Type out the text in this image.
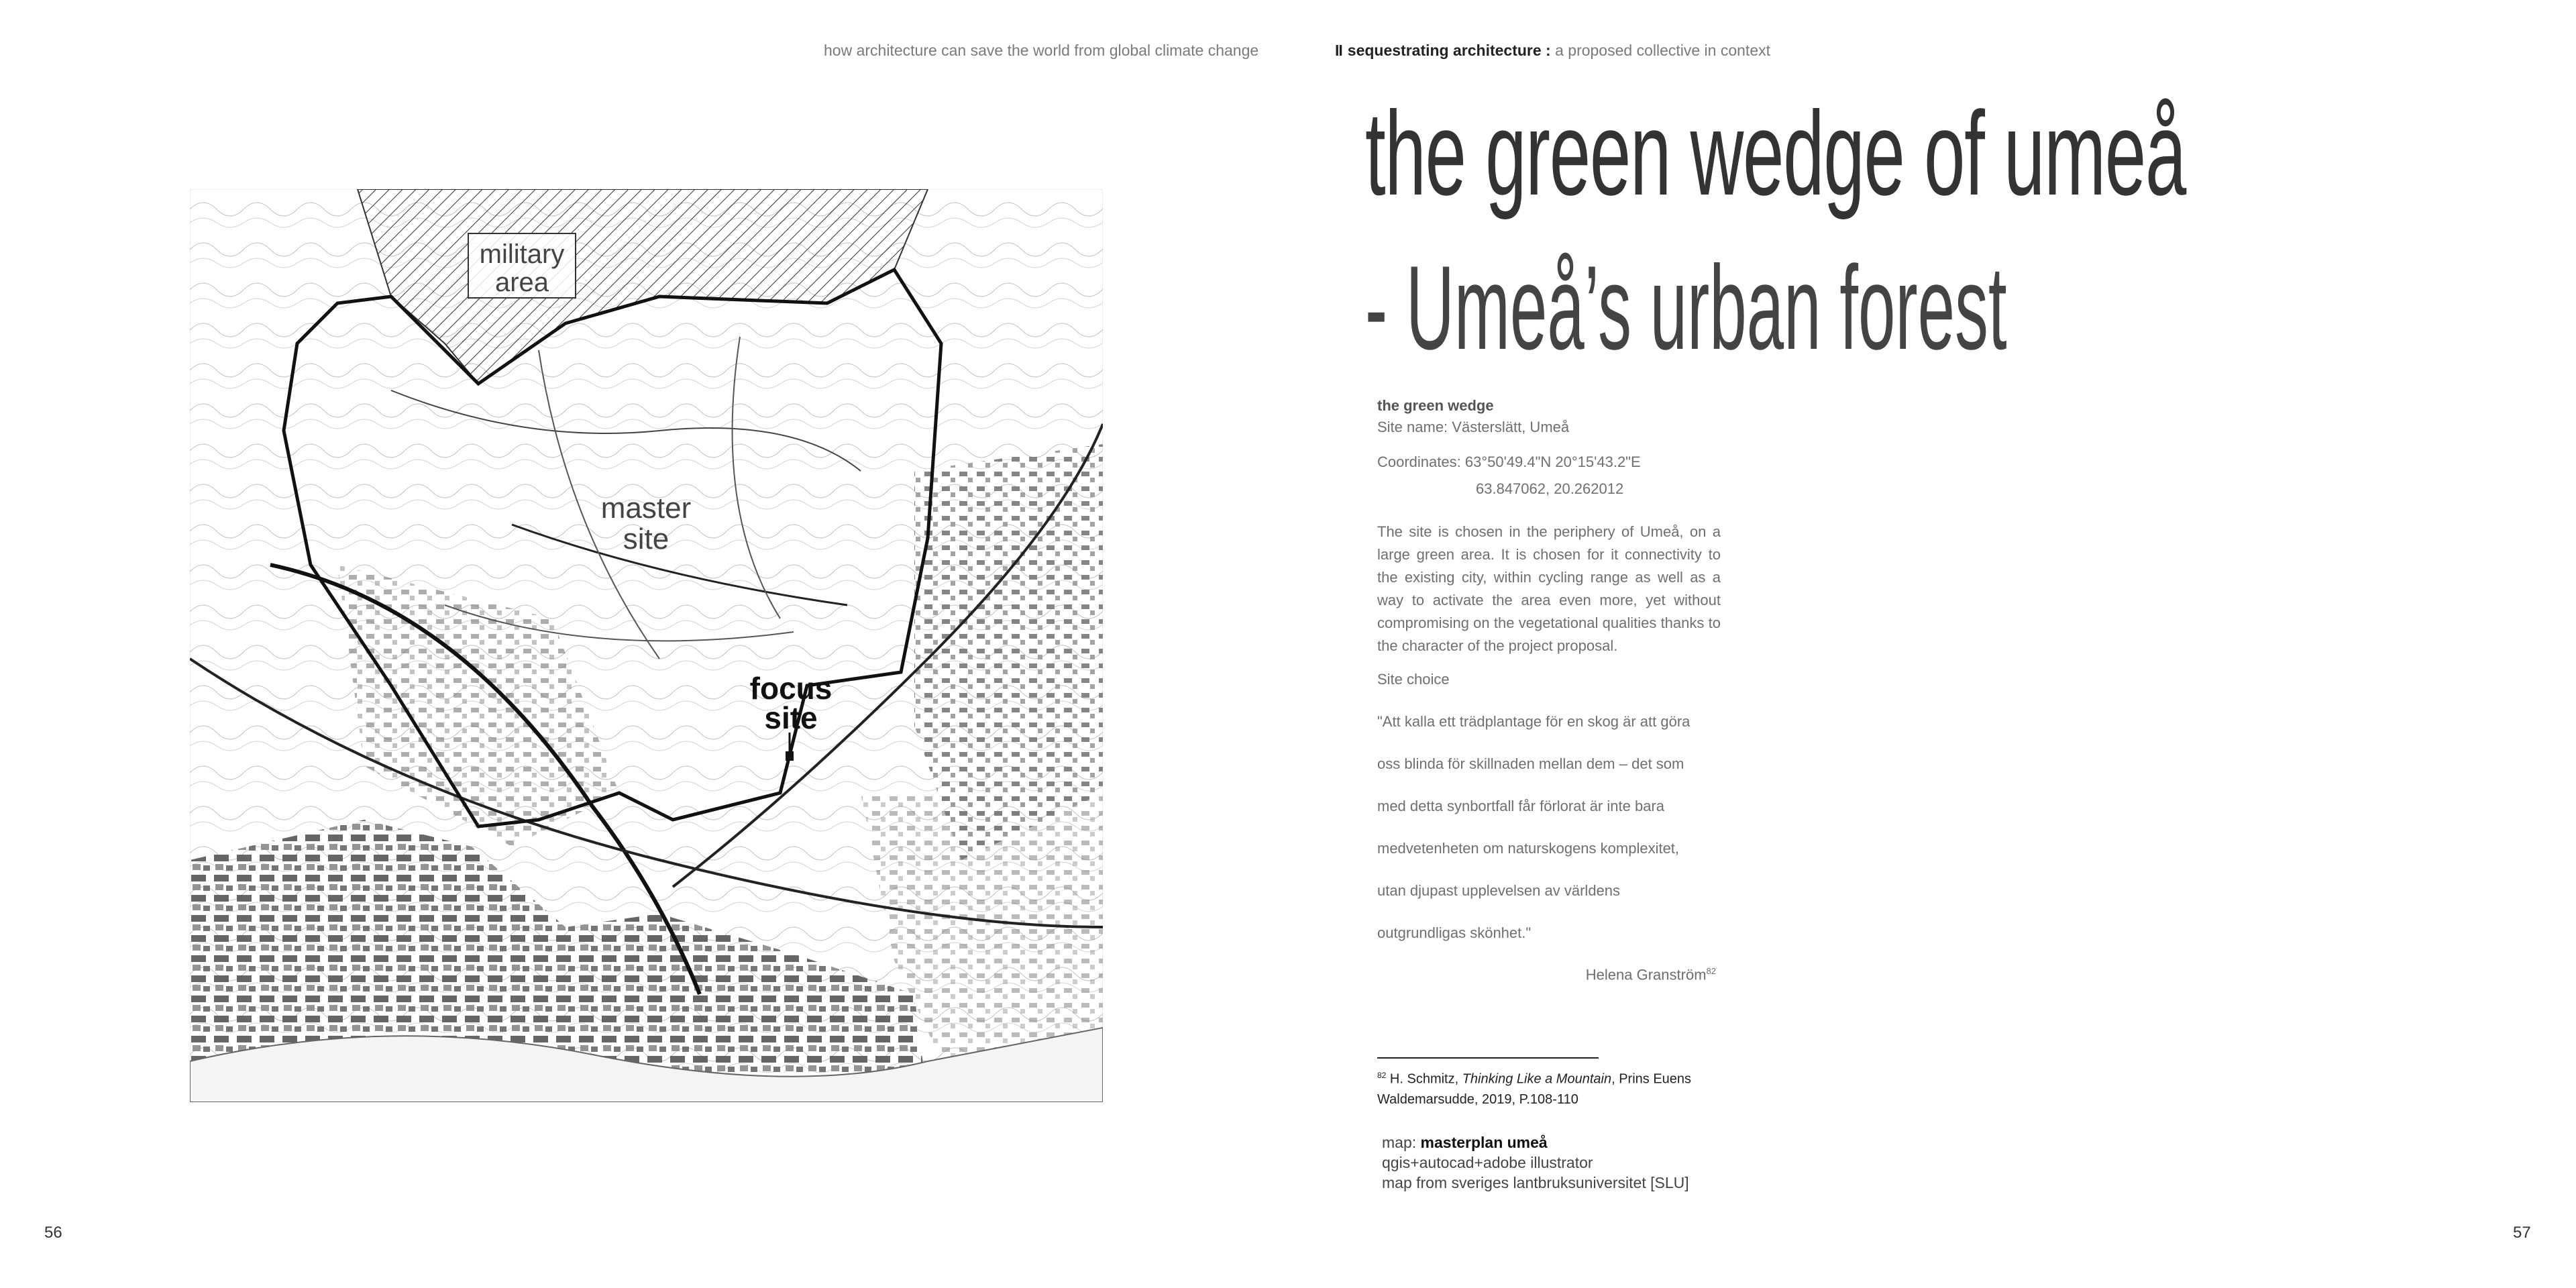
how architecture can save the world from global climate change	II sequestrating architecture : a proposed collective in context
military
area
master
site
focus
site
the green wedge of umeå
- Umeå’s urban forest
the green wedge
Site name: Västerslätt, Umeå
Coordinates: 63°50'49.4"N 20°15'43.2"E
63.847062, 20.262012
The site is chosen in the periphery of Umeå, on a large green area. It is chosen for it connectivity to the existing city, within cycling range as well as a way to activate the area even more, yet without compromising on the vegetational qualities thanks to the character of the project proposal.
Site choice
"Att kalla ett trädplantage för en skog är att göra
oss blinda för skillnaden mellan dem – det som
med detta synbortfall får förlorat är inte bara
medvetenheten om naturskogens komplexitet,
utan djupast upplevelsen av världens
outgrundligas skönhet."
Helena Granström$^{82}$
$^{82}$ H. Schmitz, Thinking Like a Mountain, Prins Euens Waldemarsudde, 2019, P.108-110
map: masterplan umeå
qgis+autocad+adobe illustrator
map from sveriges lantbruksuniversitet [SLU]
56	57
